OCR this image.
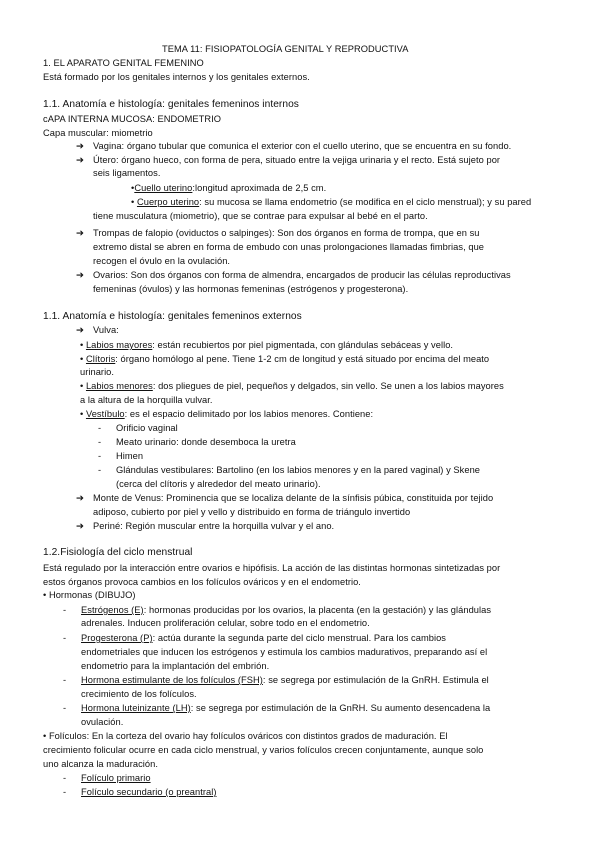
TEMA 11: FISIOPATOLOGÍA GENITAL Y REPRODUCTIVA
1. EL APARATO GENITAL FEMENINO
Está formado por los genitales internos y los genitales externos.
1.1. Anatomía e histología: genitales femeninos internos
cAPA INTERNA MUCOSA: ENDOMETRIO
Capa muscular: miometrio
➔ Vagina: órgano tubular que comunica el exterior con el cuello uterino, que se encuentra en su fondo.
➔ Útero: órgano hueco, con forma de pera, situado entre la vejiga urinaria y el recto. Está sujeto por
seis ligamentos.
•Cuello uterino:longitud aproximada de 2,5 cm.
• Cuerpo uterino: su mucosa se llama endometrio (se modifica en el ciclo menstrual); y su pared
tiene musculatura (miometrio), que se contrae para expulsar al bebé en el parto.
➔ Trompas de falopio (oviductos o salpinges): Son dos órganos en forma de trompa, que en su
extremo distal se abren en forma de embudo con unas prolongaciones llamadas fimbrias, que
recogen el óvulo en la ovulación.
➔ Ovarios: Son dos órganos con forma de almendra, encargados de producir las células reproductivas
femeninas (óvulos) y las hormonas femeninas (estrógenos y progesterona).
1.1. Anatomía e histología: genitales femeninos externos
➔ Vulva:
• Labios mayores: están recubiertos por piel pigmentada, con glándulas sebáceas y vello.
• Clítoris: órgano homólogo al pene. Tiene 1-2 cm de longitud y está situado por encima del meato
urinario.
• Labios menores: dos pliegues de piel, pequeños y delgados, sin vello. Se unen a los labios mayores
a la altura de la horquilla vulvar.
• Vestíbulo: es el espacio delimitado por los labios menores. Contiene:
- Orificio vaginal
- Meato urinario: donde desemboca la uretra
- Himen
- Glándulas vestibulares: Bartolino (en los labios menores y en la pared vaginal) y Skene
(cerca del clítoris y alrededor del meato urinario).
➔ Monte de Venus: Prominencia que se localiza delante de la sínfisis púbica, constituida por tejido
adiposo, cubierto por piel y vello y distribuido en forma de triángulo invertido
➔ Periné: Región muscular entre la horquilla vulvar y el ano.
1.2.Fisiología del ciclo menstrual
Está regulado por la interacción entre ovarios e hipófisis. La acción de las distintas hormonas sintetizadas por
estos órganos provoca cambios en los folículos ováricos y en el endometrio.
• Hormonas (DIBUJO)
- Estrógenos (E): hormonas producidas por los ovarios, la placenta (en la gestación) y las glándulas
adrenales. Inducen proliferación celular, sobre todo en el endometrio.
- Progesterona (P): actúa durante la segunda parte del ciclo menstrual. Para los cambios
endometriales que inducen los estrógenos y estimula los cambios madurativos, preparando así el
endometrio para la implantación del embrión.
- Hormona estimulante de los folículos (FSH): se segrega por estimulación de la GnRH. Estimula el
crecimiento de los folículos.
- Hormona luteinizante (LH): se segrega por estimulación de la GnRH. Su aumento desencadena la
ovulación.
• Folículos: En la corteza del ovario hay folículos ováricos con distintos grados de maduración. El
crecimiento folicular ocurre en cada ciclo menstrual, y varios folículos crecen conjuntamente, aunque solo
uno alcanza la maduración.
- Folículo primario
- Folículo secundario (o preantral)
